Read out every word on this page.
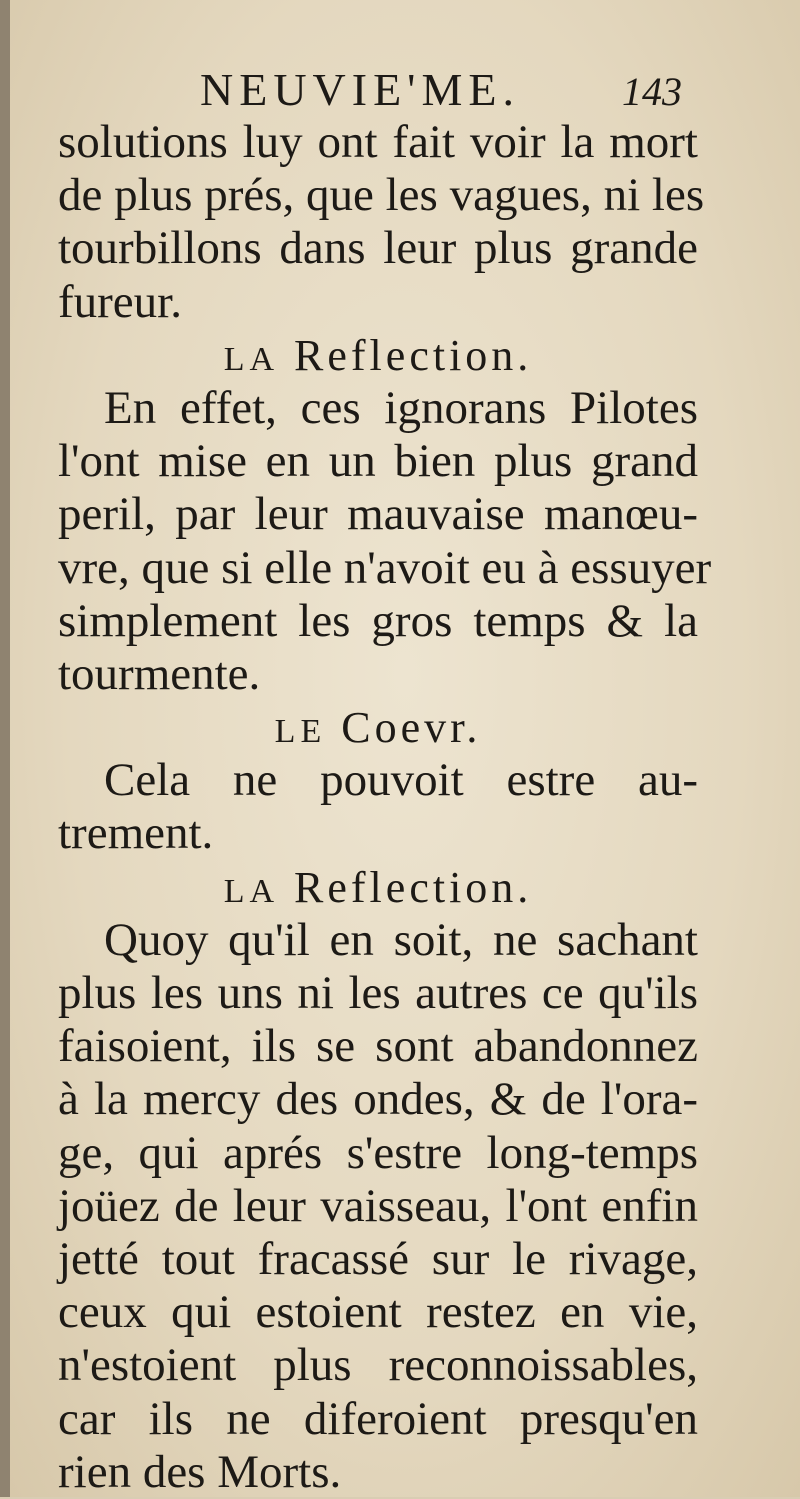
NEUVIE'ME.	143
solutions luy ont fait voir la mort
de plus prés, que les vagues, ni les
tourbillons dans leur plus grande
fureur.
LA Reflection.
En effet, ces ignorans Pilotes
l'ont mise en un bien plus grand
peril, par leur mauvaise manœu-
vre, que si elle n'avoit eu à essuyer
simplement les gros temps & la
tourmente.
LE Coevr.
Cela ne pouvoit estre au-
trement.
LA Reflection.
Quoy qu'il en soit, ne sachant
plus les uns ni les autres ce qu'ils
faisoient, ils se sont abandonnez
à la mercy des ondes, & de l'ora-
ge, qui aprés s'estre long-temps
joüez de leur vaisseau, l'ont enfin
jetté tout fracassé sur le rivage,
ceux qui estoient restez en vie,
n'estoient plus reconnoissables,
car ils ne diferoient presqu'en
rien des Morts.
